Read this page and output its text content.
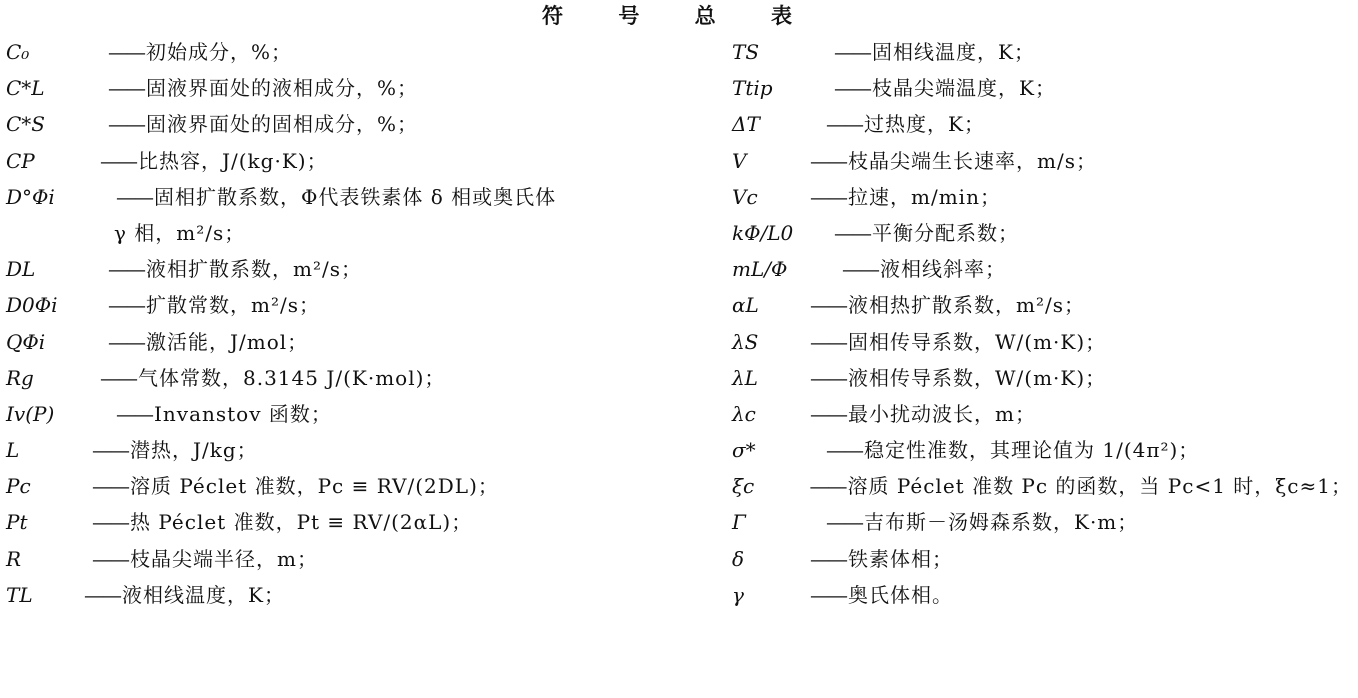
符 号 总 表
C₀	—— 初始成分，%；
C*L	—— 固液界面处的液相成分，%；
C*S	—— 固液界面处的固相成分，%；
CP	—— 比热容，J/(kg·K)；
D°Φi	—— 固相扩散系数，Φ代表铁素体 δ 相或奥氏体
γ 相，m²/s；
DL	—— 液相扩散系数，m²/s；
D0Φi	—— 扩散常数，m²/s；
QΦi	—— 激活能，J/mol；
Rg	—— 气体常数，8.3145 J/(K·mol)；
Iv(P)	—— Invanstov 函数；
L	—— 潜热，J/kg；
Pc	—— 溶质 Péclet 准数，Pc ≡ RV/(2DL)；
Pt	—— 热 Péclet 准数，Pt ≡ RV/(2αL)；
R	—— 枝晶尖端半径，m；
TL	—— 液相线温度，K；
TS	—— 固相线温度，K；
Ttip	—— 枝晶尖端温度，K；
ΔT	—— 过热度，K；
V	—— 枝晶尖端生长速率，m/s；
Vc	—— 拉速，m/min；
kΦ/L0	—— 平衡分配系数；
mL/Φ	—— 液相线斜率；
αL	—— 液相热扩散系数，m²/s；
λS	—— 固相传导系数，W/(m·K)；
λL	—— 液相传导系数，W/(m·K)；
λc	—— 最小扰动波长，m；
σ*	—— 稳定性准数，其理论值为 1/(4π²)；
ξc	—— 溶质 Péclet 准数 Pc 的函数，当 Pc<1 时，ξc≈1；
Γ	—— 吉布斯－汤姆森系数，K·m；
δ	—— 铁素体相；
γ	—— 奥氏体相。
